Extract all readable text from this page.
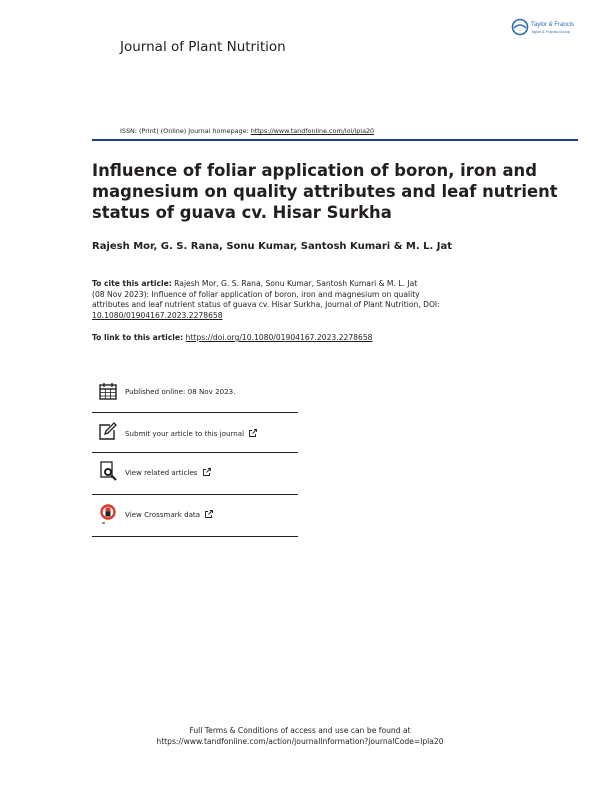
Taylor & Francis
Taylor & Francis Group
Journal of Plant Nutrition
ISSN: (Print) (Online) Journal homepage: https://www.tandfonline.com/loi/lpla20
Influence of foliar application of boron, iron and
magnesium on quality attributes and leaf nutrient
status of guava cv. Hisar Surkha
Rajesh Mor, G. S. Rana, Sonu Kumar, Santosh Kumari & M. L. Jat
To cite this article: Rajesh Mor, G. S. Rana, Sonu Kumar, Santosh Kumari & M. L. Jat
(08 Nov 2023): Influence of foliar application of boron, iron and magnesium on quality
attributes and leaf nutrient status of guava cv. Hisar Surkha, Journal of Plant Nutrition, DOI:
10.1080/01904167.2023.2278658
To link to this article: https://doi.org/10.1080/01904167.2023.2278658
Published online: 08 Nov 2023.
Submit your article to this journal
View related articles
View Crossmark data
Full Terms & Conditions of access and use can be found at
https://www.tandfonline.com/action/journalInformation?journalCode=lpla20
